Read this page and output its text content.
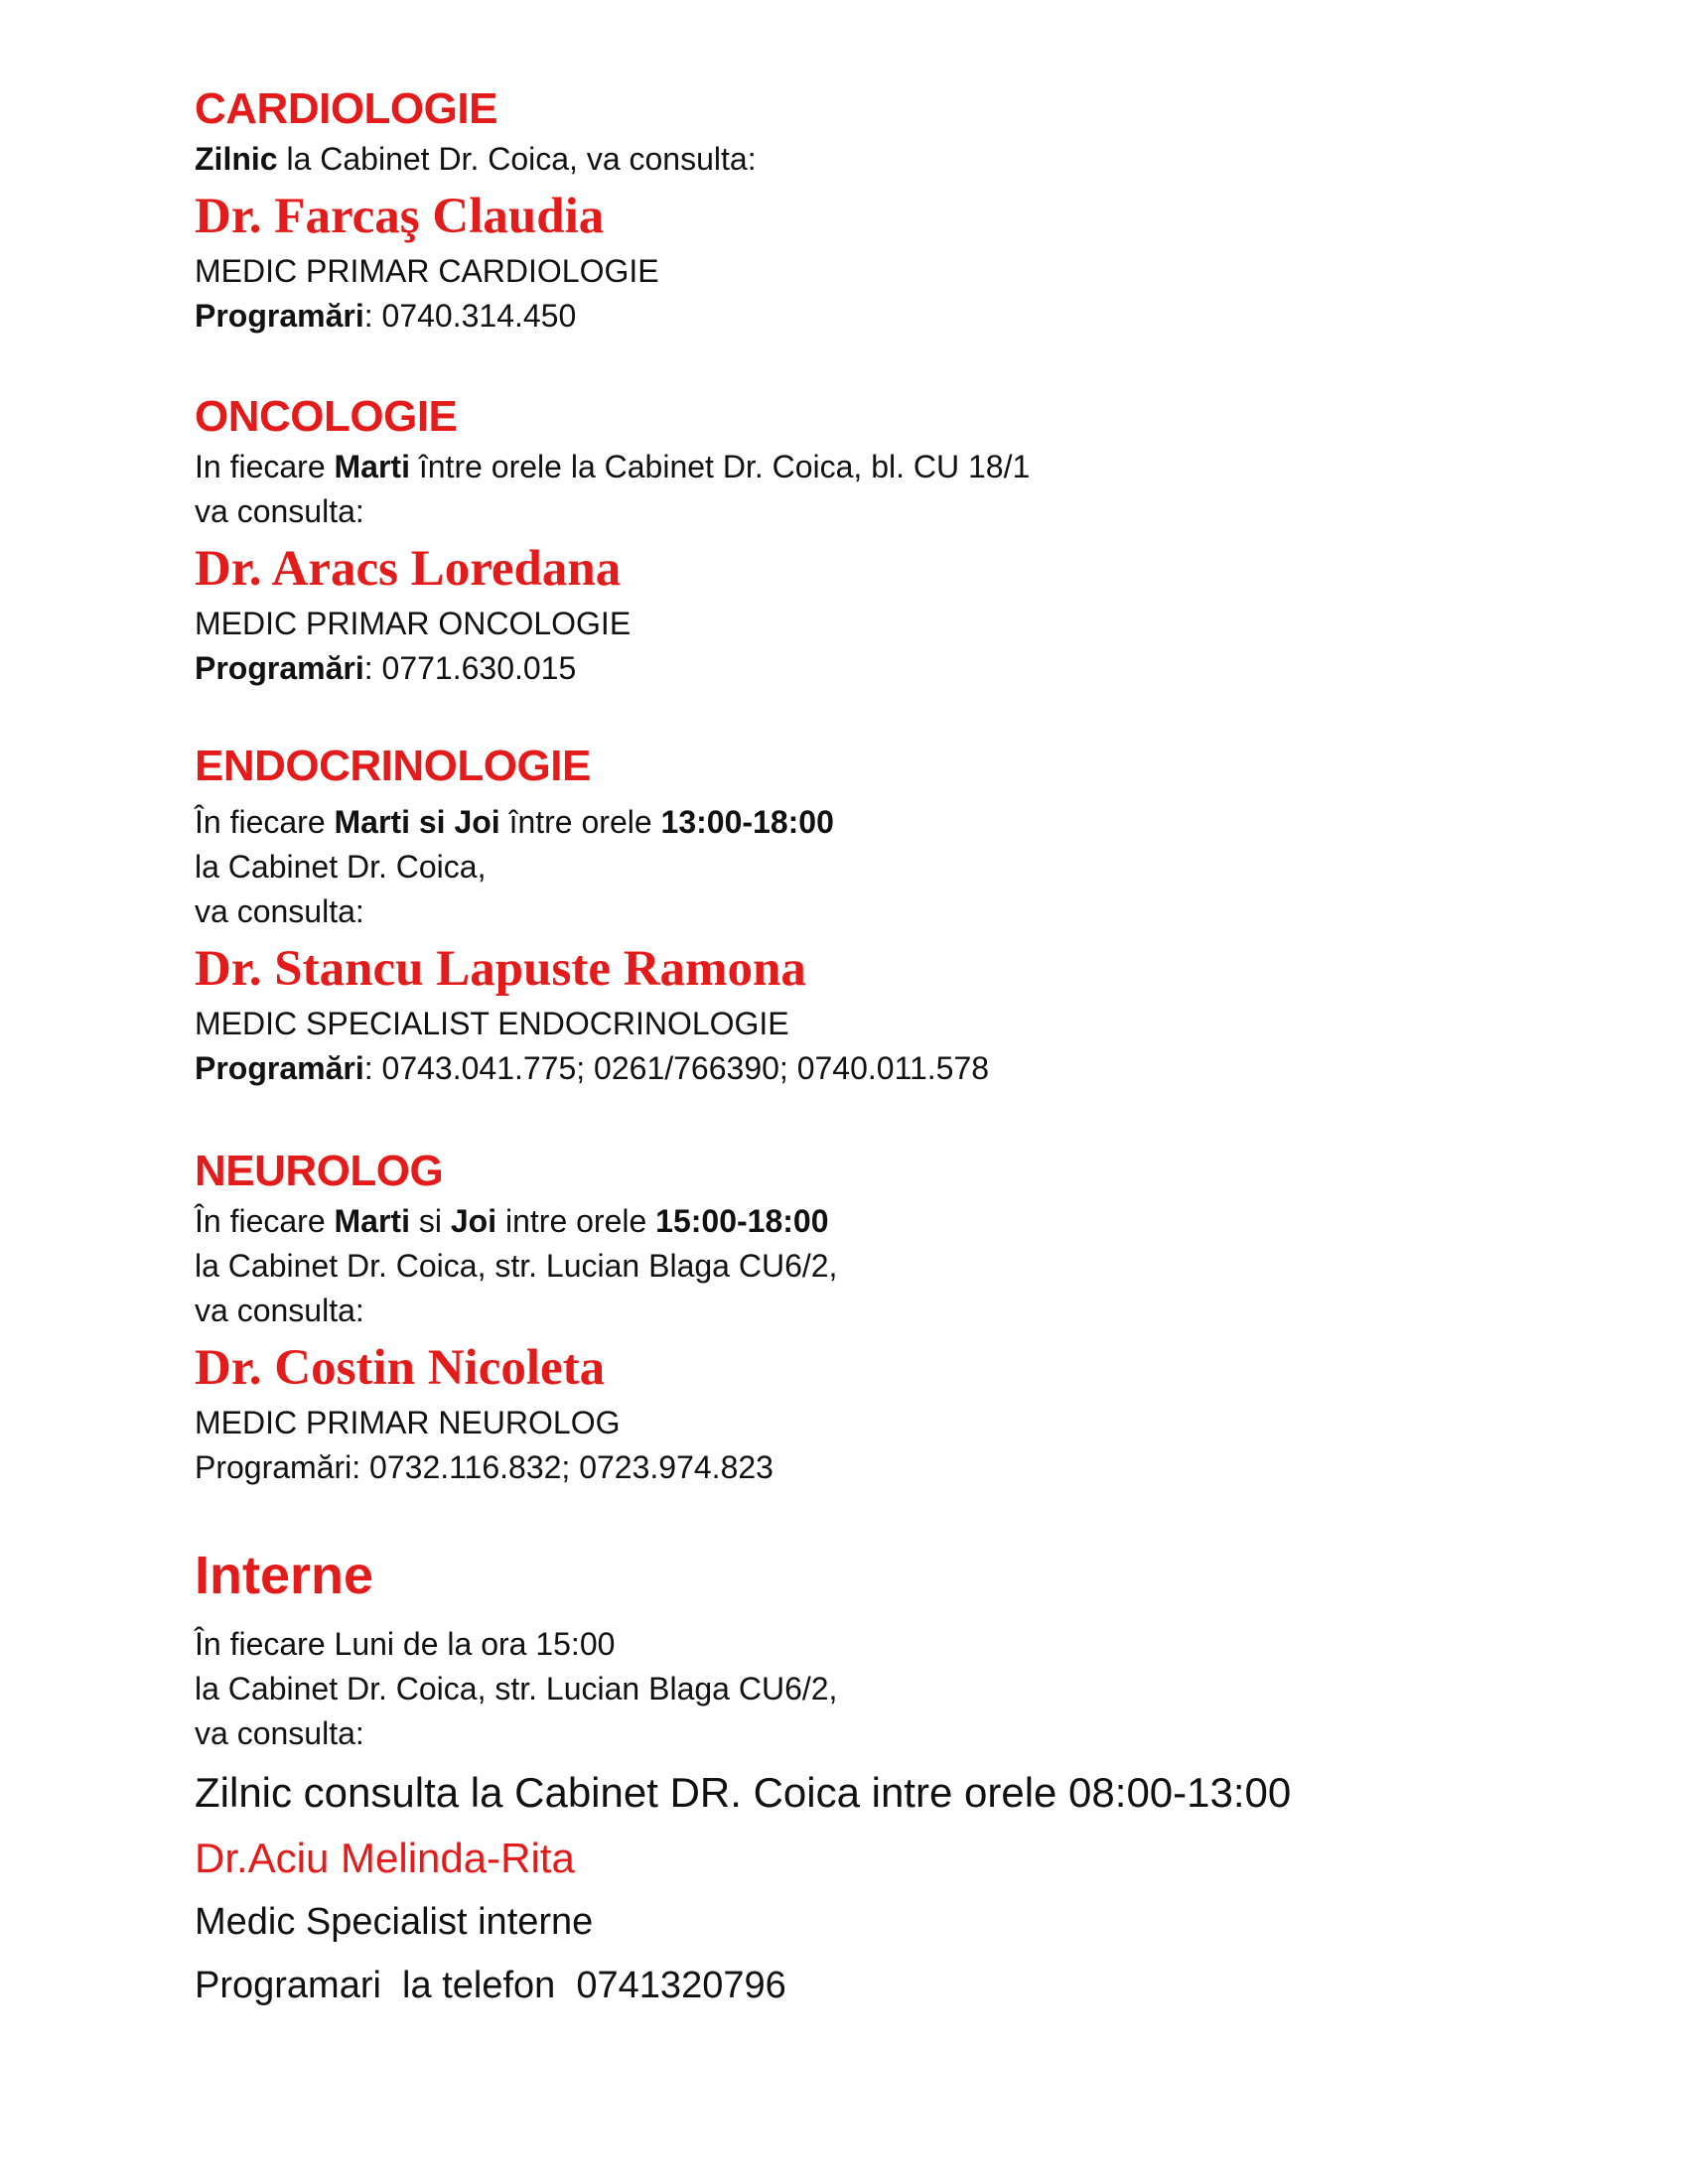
CARDIOLOGIE

Zilnic la Cabinet Dr. Coica, va consulta:

Dr. Farcaş Claudia

MEDIC PRIMAR CARDIOLOGIE

Programări: 0740.314.450

ONCOLOGIE

In fiecare Marti între orele la Cabinet Dr. Coica, bl. CU 18/1

va consulta:

Dr. Aracs Loredana

MEDIC PRIMAR ONCOLOGIE

Programări: 0771.630.015

ENDOCRINOLOGIE

În fiecare Marti si Joi între orele 13:00-18:00

la Cabinet Dr. Coica,

va consulta:

Dr. Stancu Lapuste Ramona

MEDIC SPECIALIST ENDOCRINOLOGIE

Programări: 0743.041.775; 0261/766390; 0740.011.578

NEUROLOG

În fiecare Marti si Joi intre orele 15:00-18:00

la Cabinet Dr. Coica, str. Lucian Blaga CU6/2,

va consulta:

Dr. Costin Nicoleta

MEDIC PRIMAR NEUROLOG

Programări: 0732.116.832; 0723.974.823

Interne

În fiecare Luni de la ora 15:00

la Cabinet Dr. Coica, str. Lucian Blaga CU6/2,

va consulta:

Zilnic consulta la Cabinet DR. Coica intre orele 08:00-13:00

Dr.Aciu Melinda-Rita

Medic Specialist interne

Programari  la telefon  0741320796
